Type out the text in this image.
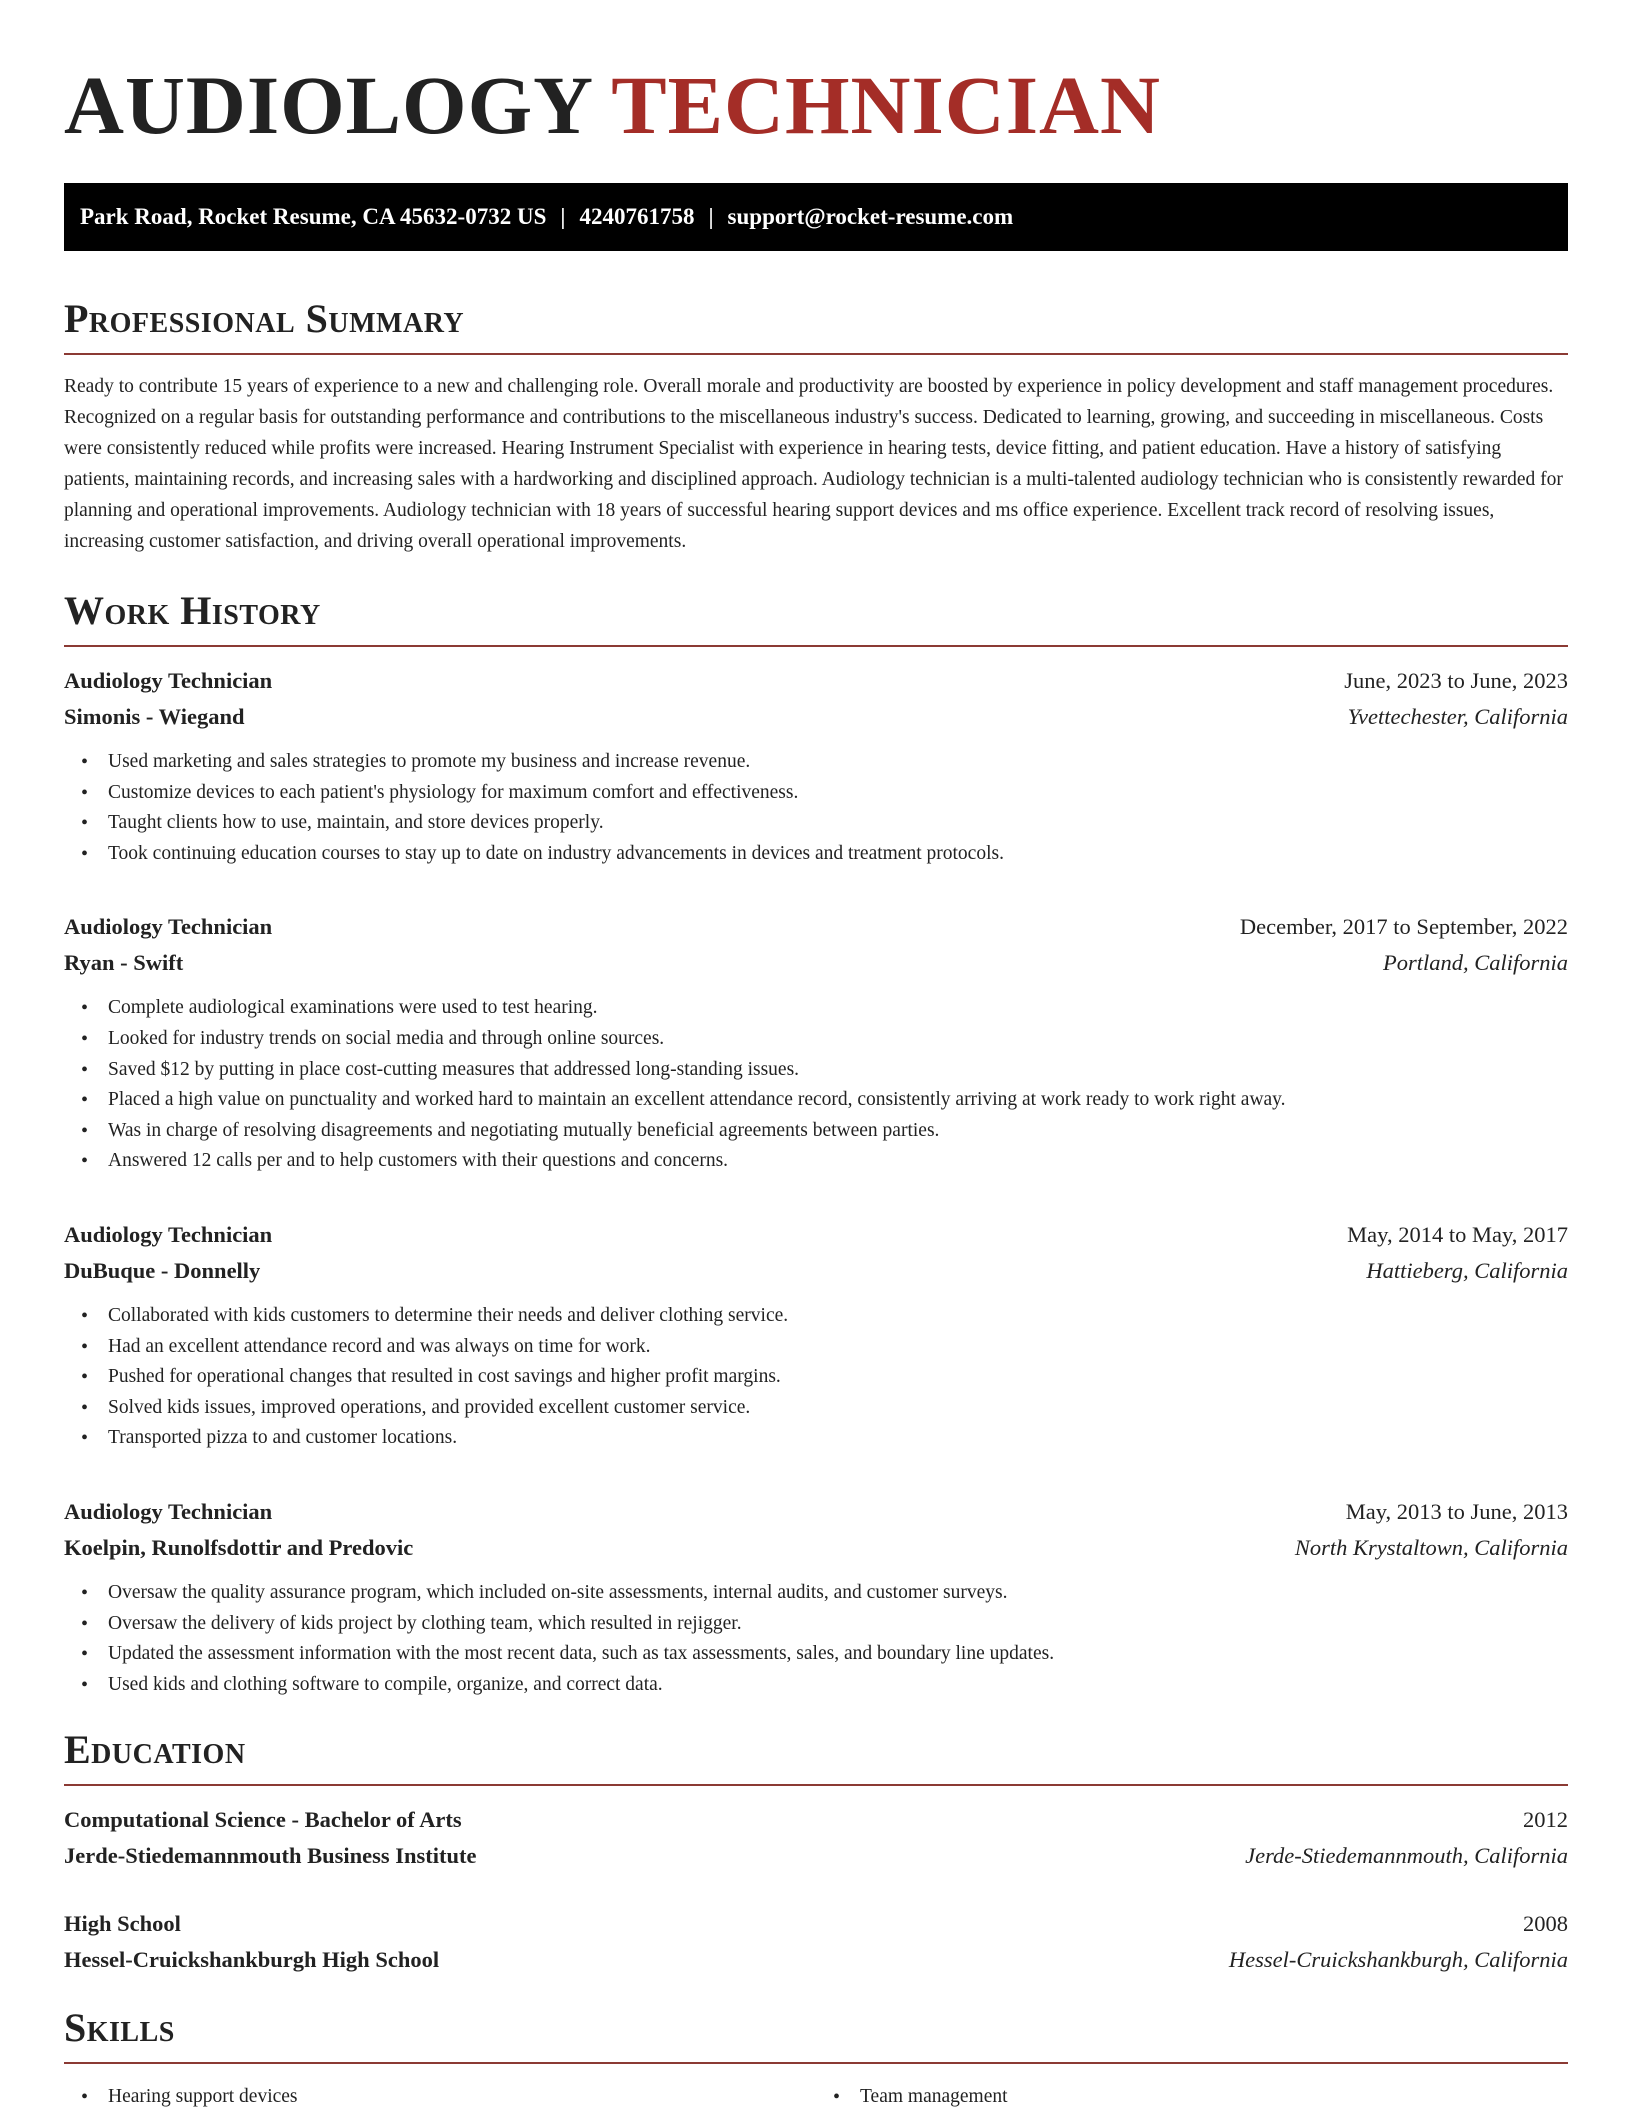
AUDIOLOGY TECHNICIAN
Park Road, Rocket Resume, CA 45632-0732 US | 4240761758 | support@rocket-resume.com
Professional Summary

Ready to contribute 15 years of experience to a new and challenging role. Overall morale and productivity are boosted by experience in policy development and staff management procedures. Recognized on a regular basis for outstanding performance and contributions to the miscellaneous industry's success. Dedicated to learning, growing, and succeeding in miscellaneous. Costs were consistently reduced while profits were increased. Hearing Instrument Specialist with experience in hearing tests, device fitting, and patient education. Have a history of satisfying patients, maintaining records, and increasing sales with a hardworking and disciplined approach. Audiology technician is a multi-talented audiology technician who is consistently rewarded for planning and operational improvements. Audiology technician with 18 years of successful hearing support devices and ms office experience. Excellent track record of resolving issues, increasing customer satisfaction, and driving overall operational improvements.

Work History
Audiology Technician	June, 2023 to June, 2023
Simonis - Wiegand	Yvettechester, California
• Used marketing and sales strategies to promote my business and increase revenue.
• Customize devices to each patient's physiology for maximum comfort and effectiveness.
• Taught clients how to use, maintain, and store devices properly.
• Took continuing education courses to stay up to date on industry advancements in devices and treatment protocols.
Audiology Technician	December, 2017 to September, 2022
Ryan - Swift	Portland, California
• Complete audiological examinations were used to test hearing.
• Looked for industry trends on social media and through online sources.
• Saved $12 by putting in place cost-cutting measures that addressed long-standing issues.
• Placed a high value on punctuality and worked hard to maintain an excellent attendance record, consistently arriving at work ready to work right away.
• Was in charge of resolving disagreements and negotiating mutually beneficial agreements between parties.
• Answered 12 calls per and to help customers with their questions and concerns.
Audiology Technician	May, 2014 to May, 2017
DuBuque - Donnelly	Hattieberg, California
• Collaborated with kids customers to determine their needs and deliver clothing service.
• Had an excellent attendance record and was always on time for work.
• Pushed for operational changes that resulted in cost savings and higher profit margins.
• Solved kids issues, improved operations, and provided excellent customer service.
• Transported pizza to and customer locations.
Audiology Technician	May, 2013 to June, 2013
Koelpin, Runolfsdottir and Predovic	North Krystaltown, California
• Oversaw the quality assurance program, which included on-site assessments, internal audits, and customer surveys.
• Oversaw the delivery of kids project by clothing team, which resulted in rejigger.
• Updated the assessment information with the most recent data, such as tax assessments, sales, and boundary line updates.
• Used kids and clothing software to compile, organize, and correct data.
Education
Computational Science - Bachelor of Arts	2012
Jerde-Stiedemannmouth Business Institute	Jerde-Stiedemannmouth, California
High School	2008
Hessel-Cruickshankburgh High School	Hessel-Cruickshankburgh, California
Skills
• Hearing support devices
•	Team management
